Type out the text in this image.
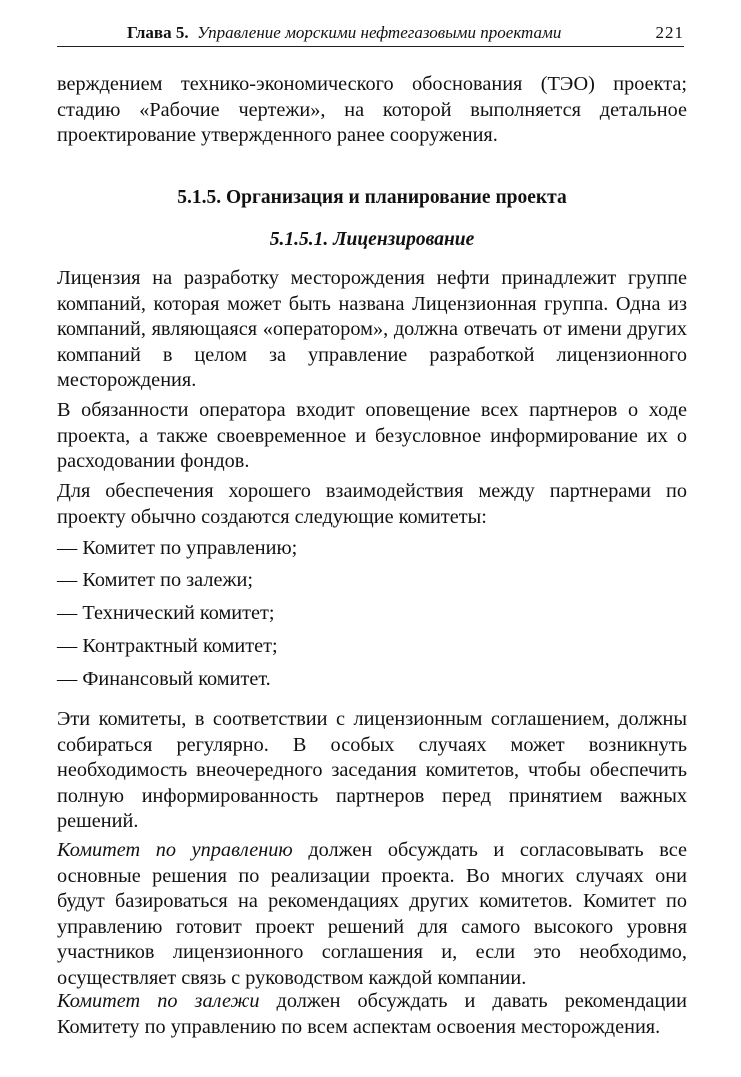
Глава 5. Управление морскими нефтегазовыми проектами	221

верждением технико-экономического обоснования (ТЭО) проекта; стадию «Рабочие чертежи», на которой выполняется детальное проектирование утвержденного ранее сооружения.

5.1.5. Организация и планирование проекта
5.1.5.1. Лицензирование

Лицензия на разработку месторождения нефти принадлежит группе компаний, которая может быть названа Лицензионная группа. Одна из компаний, являющаяся «оператором», должна отвечать от имени других компаний в целом за управление разработкой лицензионного месторождения.

В обязанности оператора входит оповещение всех партнеров о ходе проекта, а также своевременное и безусловное информирование их о расходовании фондов.

Для обеспечения хорошего взаимодействия между партнерами по проекту обычно создаются следующие комитеты:

— Комитет по управлению;
— Комитет по залежи;
— Технический комитет;
— Контрактный комитет;
— Финансовый комитет.

Эти комитеты, в соответствии с лицензионным соглашением, должны собираться регулярно. В особых случаях может возникнуть необходимость внеочередного заседания комитетов, чтобы обеспечить полную информированность партнеров перед принятием важных решений.

Комитет по управлению должен обсуждать и согласовывать все основные решения по реализации проекта. Во многих случаях они будут базироваться на рекомендациях других комитетов. Комитет по управлению готовит проект решений для самого высокого уровня участников лицензионного соглашения и, если это необходимо, осуществляет связь с руководством каждой компании.

Комитет по залежи должен обсуждать и давать рекомендации Комитету по управлению по всем аспектам освоения месторождения.
